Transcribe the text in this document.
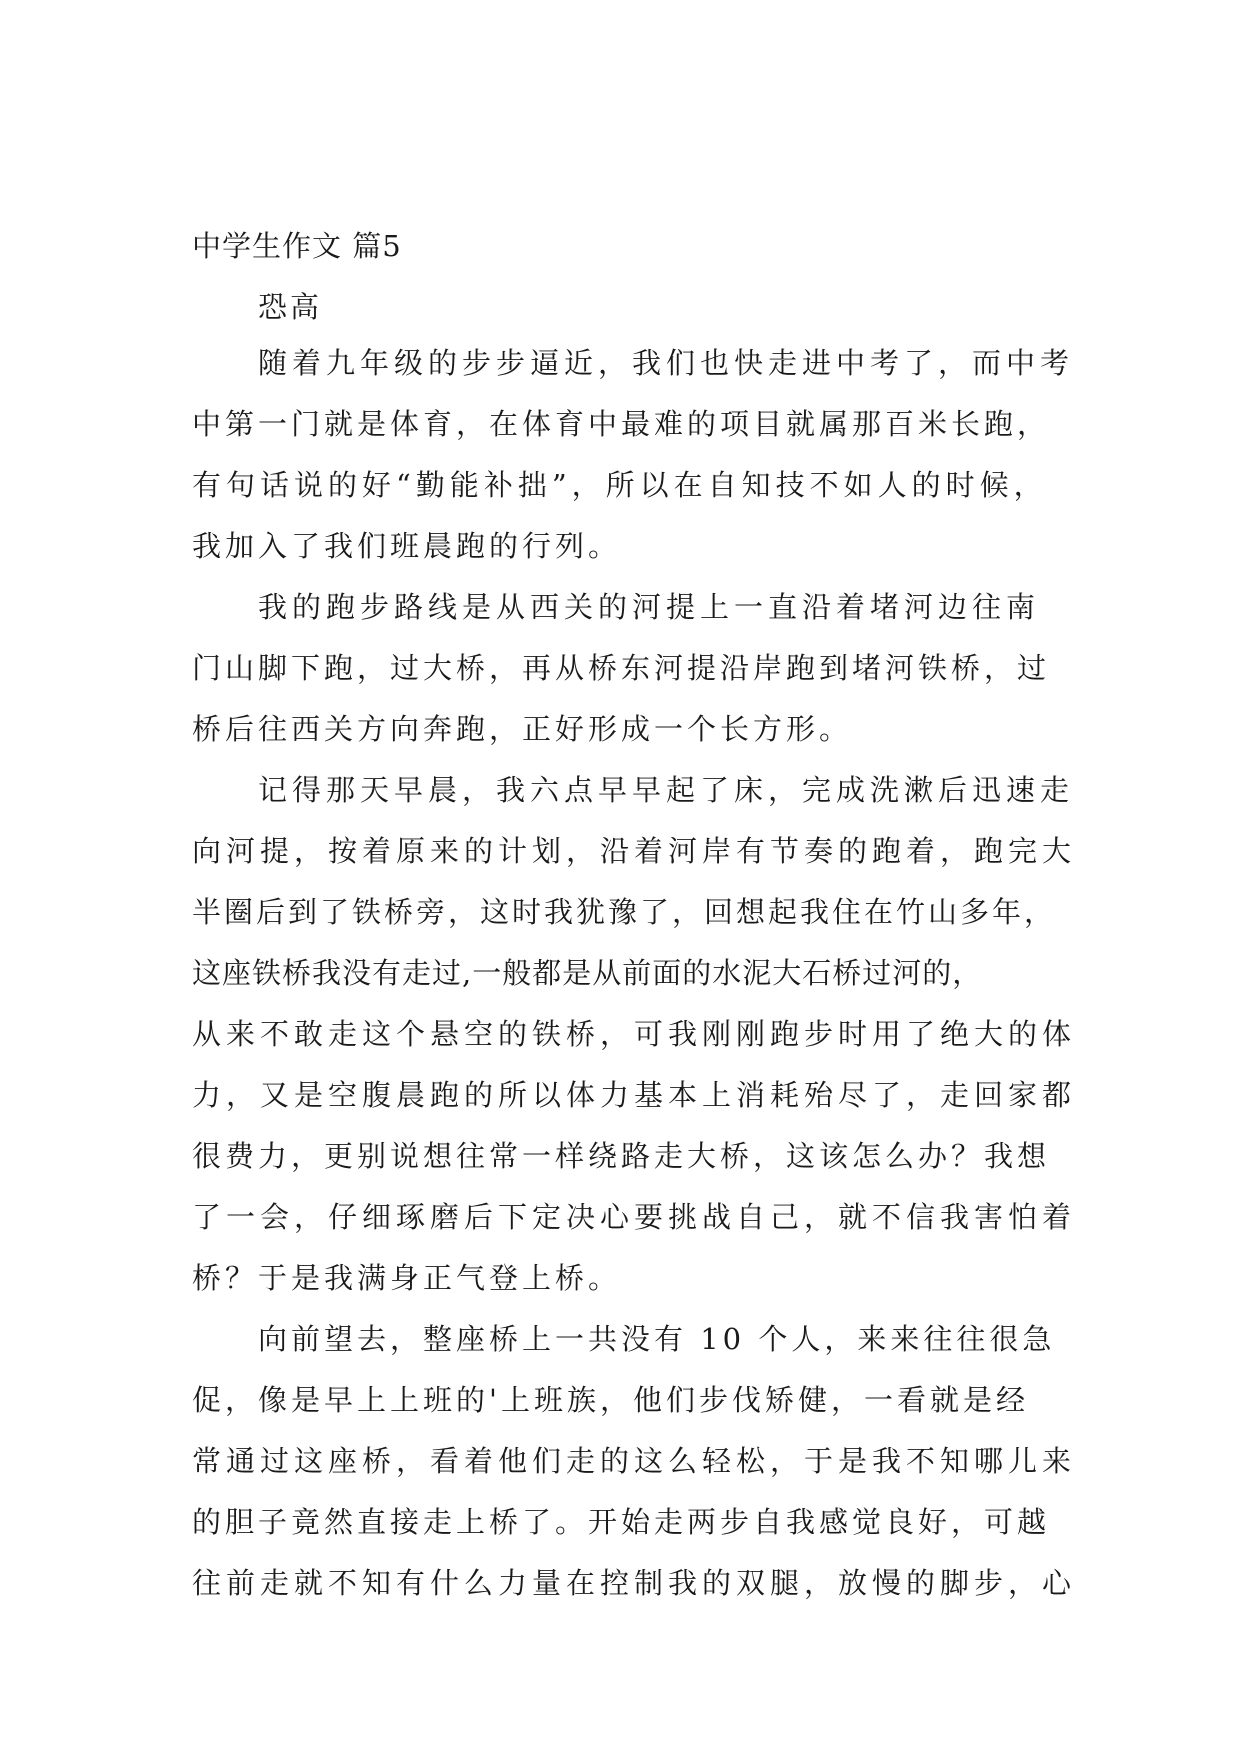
中学生作文 篇5
恐高
随着九年级的步步逼近，我们也快走进中考了，而中考
中第一门就是体育，在体育中最难的项目就属那百米长跑，
有句话说的好“勤能补拙”，所以在自知技不如人的时候，
我加入了我们班晨跑的行列。
我的跑步路线是从西关的河提上一直沿着堵河边往南
门山脚下跑，过大桥，再从桥东河提沿岸跑到堵河铁桥，过
桥后往西关方向奔跑，正好形成一个长方形。
记得那天早晨，我六点早早起了床，完成洗漱后迅速走
向河提，按着原来的计划，沿着河岸有节奏的跑着，跑完大
半圈后到了铁桥旁，这时我犹豫了，回想起我住在竹山多年，
这座铁桥我没有走过,一般都是从前面的水泥大石桥过河的，
从来不敢走这个悬空的铁桥，可我刚刚跑步时用了绝大的体
力，又是空腹晨跑的所以体力基本上消耗殆尽了，走回家都
很费力，更别说想往常一样绕路走大桥，这该怎么办？我想
了一会，仔细琢磨后下定决心要挑战自己，就不信我害怕着
桥？于是我满身正气登上桥。
向前望去，整座桥上一共没有 10 个人，来来往往很急
促，像是早上上班的'上班族，他们步伐矫健，一看就是经
常通过这座桥，看着他们走的这么轻松，于是我不知哪儿来
的胆子竟然直接走上桥了。开始走两步自我感觉良好，可越
往前走就不知有什么力量在控制我的双腿，放慢的脚步，心
